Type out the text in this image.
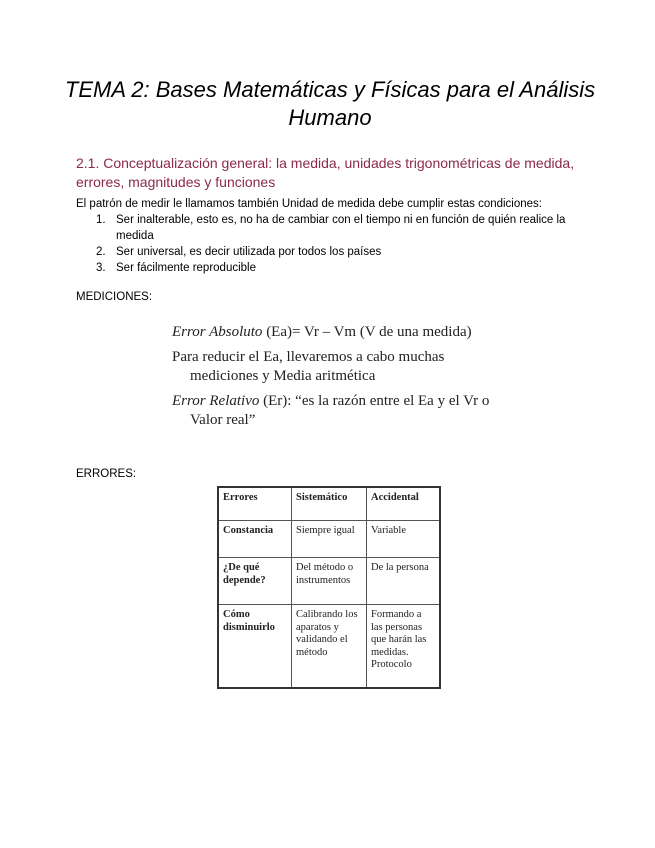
TEMA 2: Bases Matemáticas y Físicas para el Análisis Humano
2.1. Conceptualización general: la medida, unidades trigonométricas de medida, errores, magnitudes y funciones

El patrón de medir le llamamos también Unidad de medida debe cumplir estas condiciones:

1. Ser inalterable, esto es, no ha de cambiar con el tiempo ni en función de quién realice la medida
2. Ser universal, es decir utilizada por todos los países
3. Ser fácilmente reproducible
MEDICIONES:

Error Absoluto (Ea)= Vr – Vm (V de una medida)

Para reducir el Ea, llevaremos a cabo muchas mediciones y Media aritmética

Error Relativo (Er): “es la razón entre el Ea y el Vr o Valor real”

ERRORES:
Errores	Sistemático	Accidental
Constancia	Siempre igual	Variable
¿De qué depende?	Del método o instrumentos	De la persona
Cómo disminuirlo	Calibrando los aparatos y validando el método	Formando a las personas que harán las medidas. Protocolo
